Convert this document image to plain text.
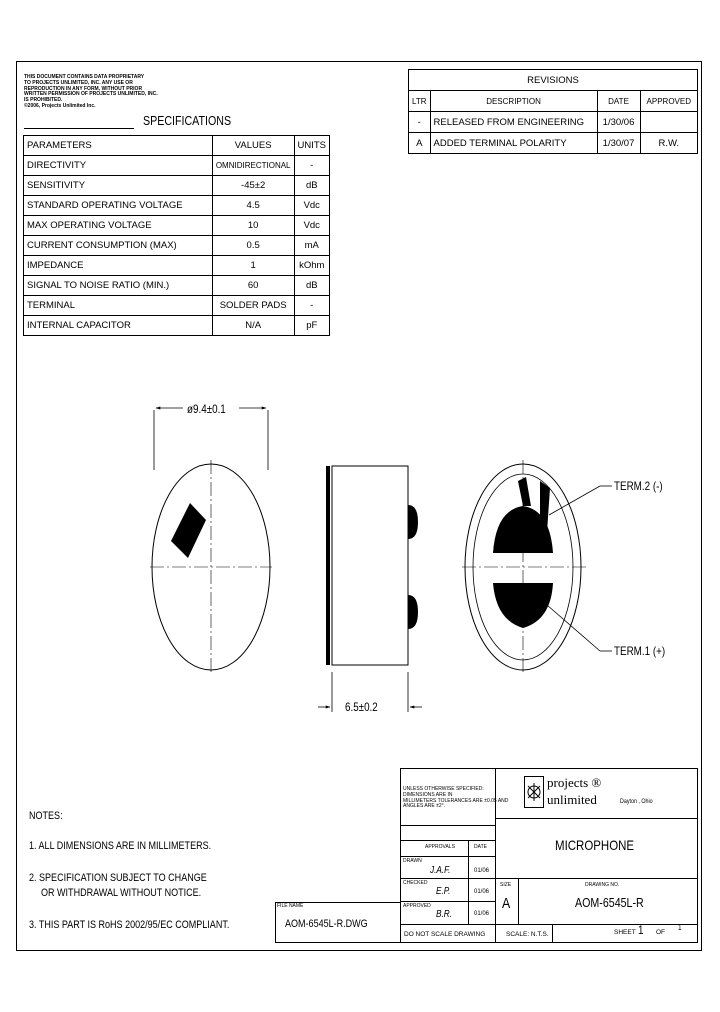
THIS DOCUMENT CONTAINS DATA PROPRIETARY
TO PROJECTS UNLIMITED, INC. ANY USE OR
REPRODUCTION IN ANY FORM, WITHOUT PRIOR
WRITTEN PERMISSION OF PROJECTS UNLIMITED, INC.
IS PROHIBITED.
©2006, Projects Unlimited Inc.
SPECIFICATIONS
PARAMETERS	VALUES	UNITS
DIRECTIVITY	OMNIDIRECTIONAL	-
SENSITIVITY	-45±2	dB
STANDARD OPERATING VOLTAGE	4.5	Vdc
MAX OPERATING VOLTAGE	10	Vdc
CURRENT CONSUMPTION (MAX)	0.5	mA
IMPEDANCE	1	kOhm
SIGNAL TO NOISE RATIO (MIN.)	60	dB
TERMINAL	SOLDER PADS	-
INTERNAL CAPACITOR	N/A	pF
REVISIONS			
LTR	DESCRIPTION	DATE	APPROVED
-	RELEASED FROM ENGINEERING	1/30/06	
A	ADDED TERMINAL POLARITY	1/30/07	R.W.
ø9.4±0.1
6.5±0.2
TERM.2 (-)
TERM.1 (+)
NOTES:
1. ALL DIMENSIONS ARE IN MILLIMETERS.
2. SPECIFICATION SUBJECT TO CHANGE
OR WITHDRAWAL WITHOUT NOTICE.
3. THIS PART IS RoHS 2002/95/EC COMPLIANT.
FILE NAME
AOM-6545L-R.DWG
UNLESS OTHERWISE SPECIFIED:
DIMENSIONS ARE IN
MILLIMETERS TOLERANCES ARE ±0.05 AND
ANGLES ARE ±2°.
APPROVALS	DATE
DRAWN
J.A.F.	01/06
CHECKED
E.P.	01/06
APPROVED
B.R.	01/06
DO NOT SCALE DRAWING
projects ®
unlimited	Dayton , Ohio
MICROPHONE
SIZE
A
DRAWING NO.
AOM-6545L-R
SCALE: N.T.S.	SHEET 1 OF
1
